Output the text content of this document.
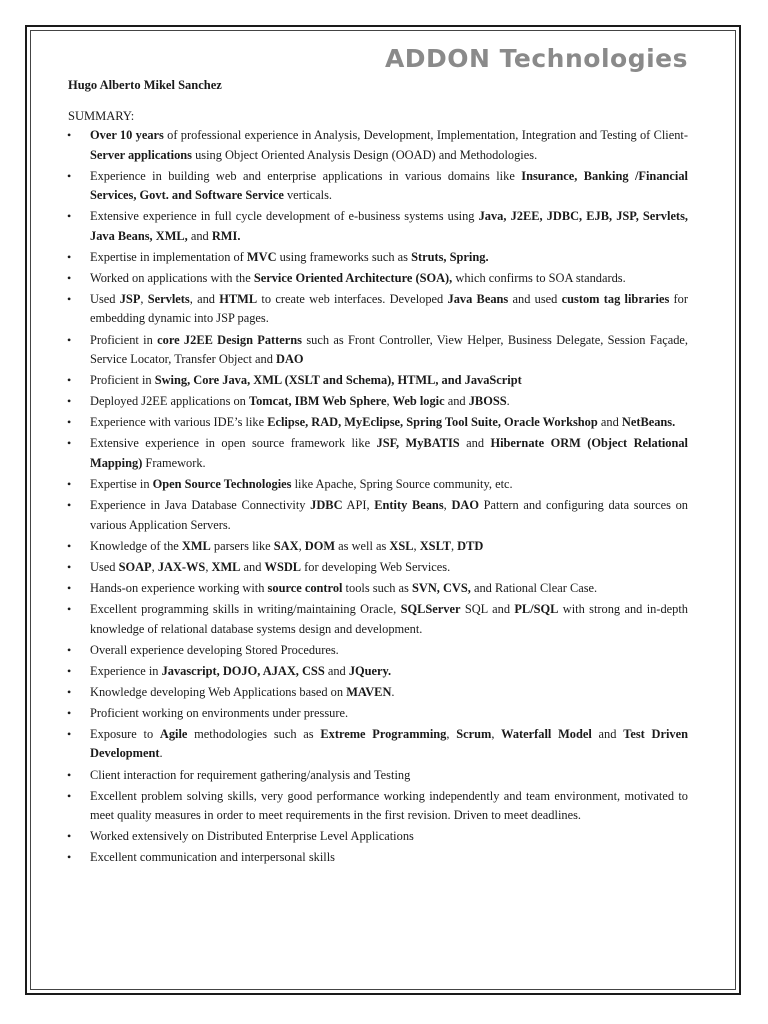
ADDON Technologies
Hugo Alberto Mikel Sanchez
SUMMARY:
• Over 10 years of professional experience in Analysis, Development, Implementation, Integration and Testing of Client-Server applications using Object Oriented Analysis Design (OOAD) and Methodologies.
• Experience in building web and enterprise applications in various domains like Insurance, Banking /Financial Services, Govt. and Software Service verticals.
• Extensive experience in full cycle development of e-business systems using Java, J2EE, JDBC, EJB, JSP, Servlets, Java Beans, XML, and RMI.
• Expertise in implementation of MVC using frameworks such as Struts, Spring.
• Worked on applications with the Service Oriented Architecture (SOA), which confirms to SOA standards.
• Used JSP, Servlets, and HTML to create web interfaces. Developed Java Beans and used custom tag libraries for embedding dynamic into JSP pages.
• Proficient in core J2EE Design Patterns such as Front Controller, View Helper, Business Delegate, Session Façade, Service Locator, Transfer Object and DAO
• Proficient in Swing, Core Java, XML (XSLT and Schema), HTML, and JavaScript
• Deployed J2EE applications on Tomcat, IBM Web Sphere, Web logic and JBOSS.
• Experience with various IDE’s like Eclipse, RAD, MyEclipse, Spring Tool Suite, Oracle Workshop and NetBeans.
• Extensive experience in open source framework like JSF, MyBATIS and Hibernate ORM (Object Relational Mapping) Framework.
• Expertise in Open Source Technologies like Apache, Spring Source community, etc.
• Experience in Java Database Connectivity JDBC API, Entity Beans, DAO Pattern and configuring data sources on various Application Servers.
• Knowledge of the XML parsers like SAX, DOM as well as XSL, XSLT, DTD
• Used SOAP, JAX-WS, XML and WSDL for developing Web Services.
• Hands-on experience working with source control tools such as SVN, CVS, and Rational Clear Case.
• Excellent programming skills in writing/maintaining Oracle, SQLServer SQL and PL/SQL with strong and in-depth knowledge of relational database systems design and development.
• Overall experience developing Stored Procedures.
• Experience in Javascript, DOJO, AJAX, CSS and JQuery.
• Knowledge developing Web Applications based on MAVEN.
• Proficient working on environments under pressure.
• Exposure to Agile methodologies such as Extreme Programming, Scrum, Waterfall Model and Test Driven Development.
• Client interaction for requirement gathering/analysis and Testing
• Excellent problem solving skills, very good performance working independently and team environment, motivated to meet quality measures in order to meet requirements in the first revision. Driven to meet deadlines.
• Worked extensively on Distributed Enterprise Level Applications
• Excellent communication and interpersonal skills
